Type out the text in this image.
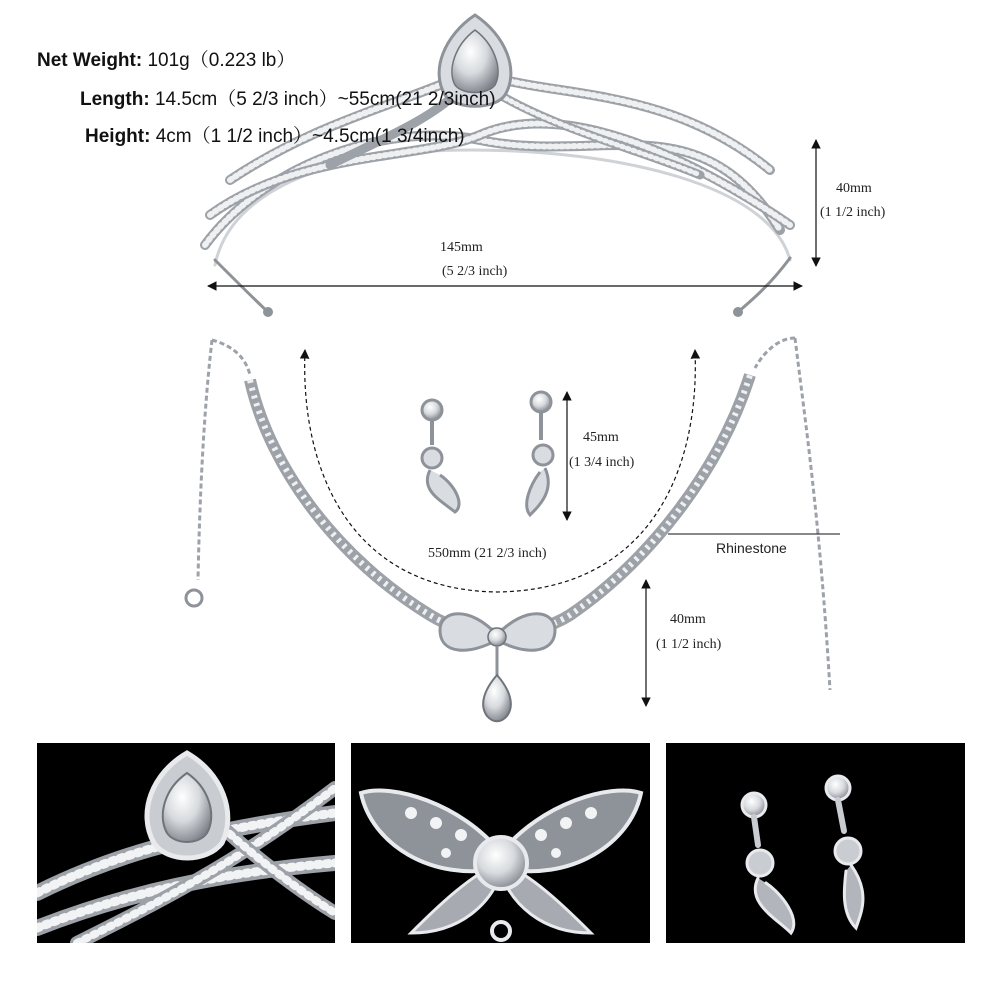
Net Weight: 101g（0.223 lb）
Length: 14.5cm（5 2/3 inch）~55cm(21 2/3inch)
Height: 4cm（1 1/2 inch）~4.5cm(1 3/4inch)
145mm
(5 2/3 inch)
40mm
(1 1/2 inch)
45mm
(1 3/4 inch)
550mm (21 2/3 inch)
40mm
(1 1/2 inch)
Rhinestone
